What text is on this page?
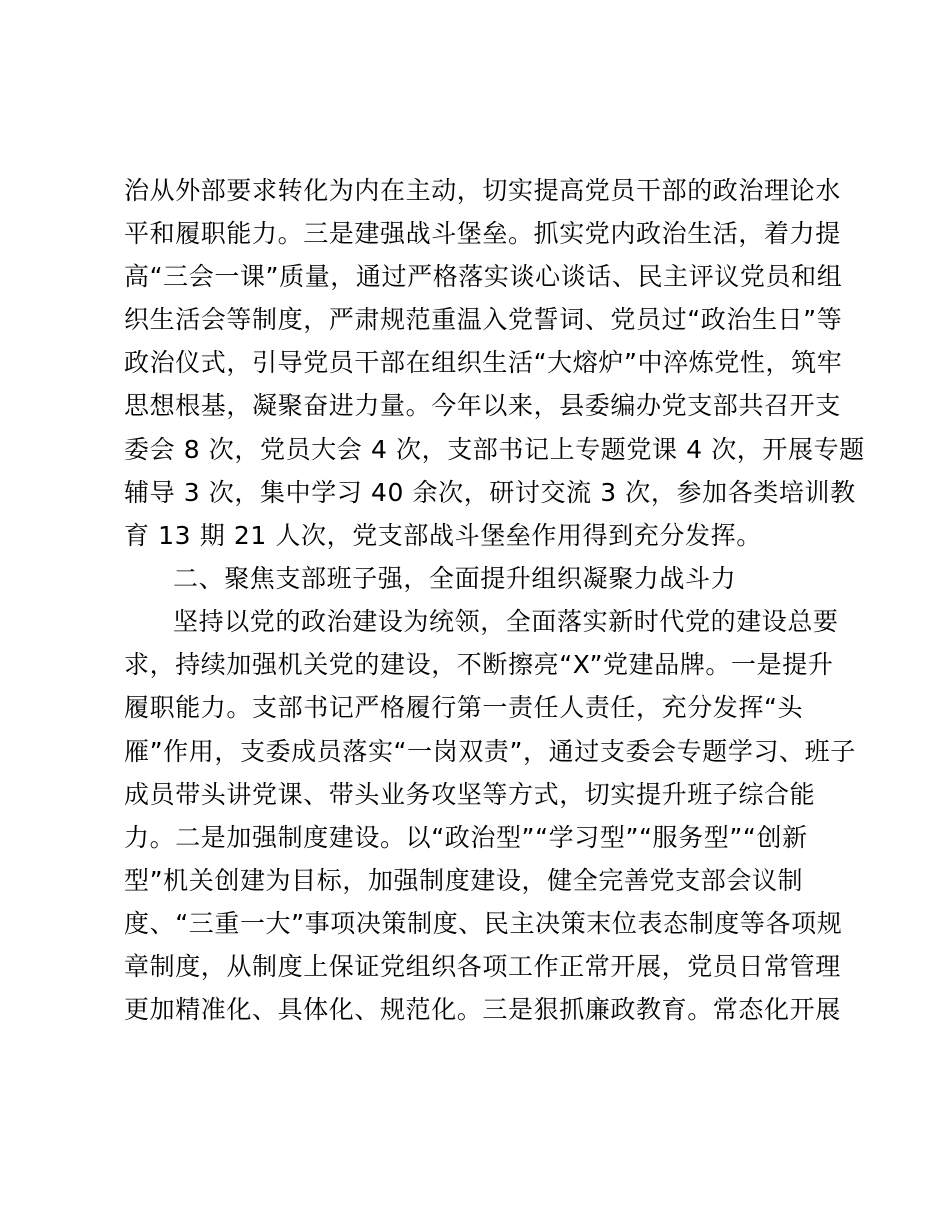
治从外部要求转化为内在主动，切实提高党员干部的政治理论水
平和履职能力。三是建强战斗堡垒。抓实党内政治生活，着力提
高“三会一课”质量，通过严格落实谈心谈话、民主评议党员和组
织生活会等制度，严肃规范重温入党誓词、党员过“政治生日”等
政治仪式，引导党员干部在组织生活“大熔炉”中淬炼党性，筑牢
思想根基，凝聚奋进力量。今年以来，县委编办党支部共召开支
委会 8 次，党员大会 4 次，支部书记上专题党课 4 次，开展专题
辅导 3 次，集中学习 40 余次，研讨交流 3 次，参加各类培训教
育 13 期 21 人次，党支部战斗堡垒作用得到充分发挥。
二、聚焦支部班子强，全面提升组织凝聚力战斗力
坚持以党的政治建设为统领，全面落实新时代党的建设总要
求，持续加强机关党的建设，不断擦亮“X”党建品牌。一是提升
履职能力。支部书记严格履行第一责任人责任，充分发挥“头
雁”作用，支委成员落实“一岗双责”，通过支委会专题学习、班子
成员带头讲党课、带头业务攻坚等方式，切实提升班子综合能
力。二是加强制度建设。以“政治型”“学习型”“服务型”“创新
型”机关创建为目标，加强制度建设，健全完善党支部会议制
度、“三重一大”事项决策制度、民主决策末位表态制度等各项规
章制度，从制度上保证党组织各项工作正常开展，党员日常管理
更加精准化、具体化、规范化。三是狠抓廉政教育。常态化开展
